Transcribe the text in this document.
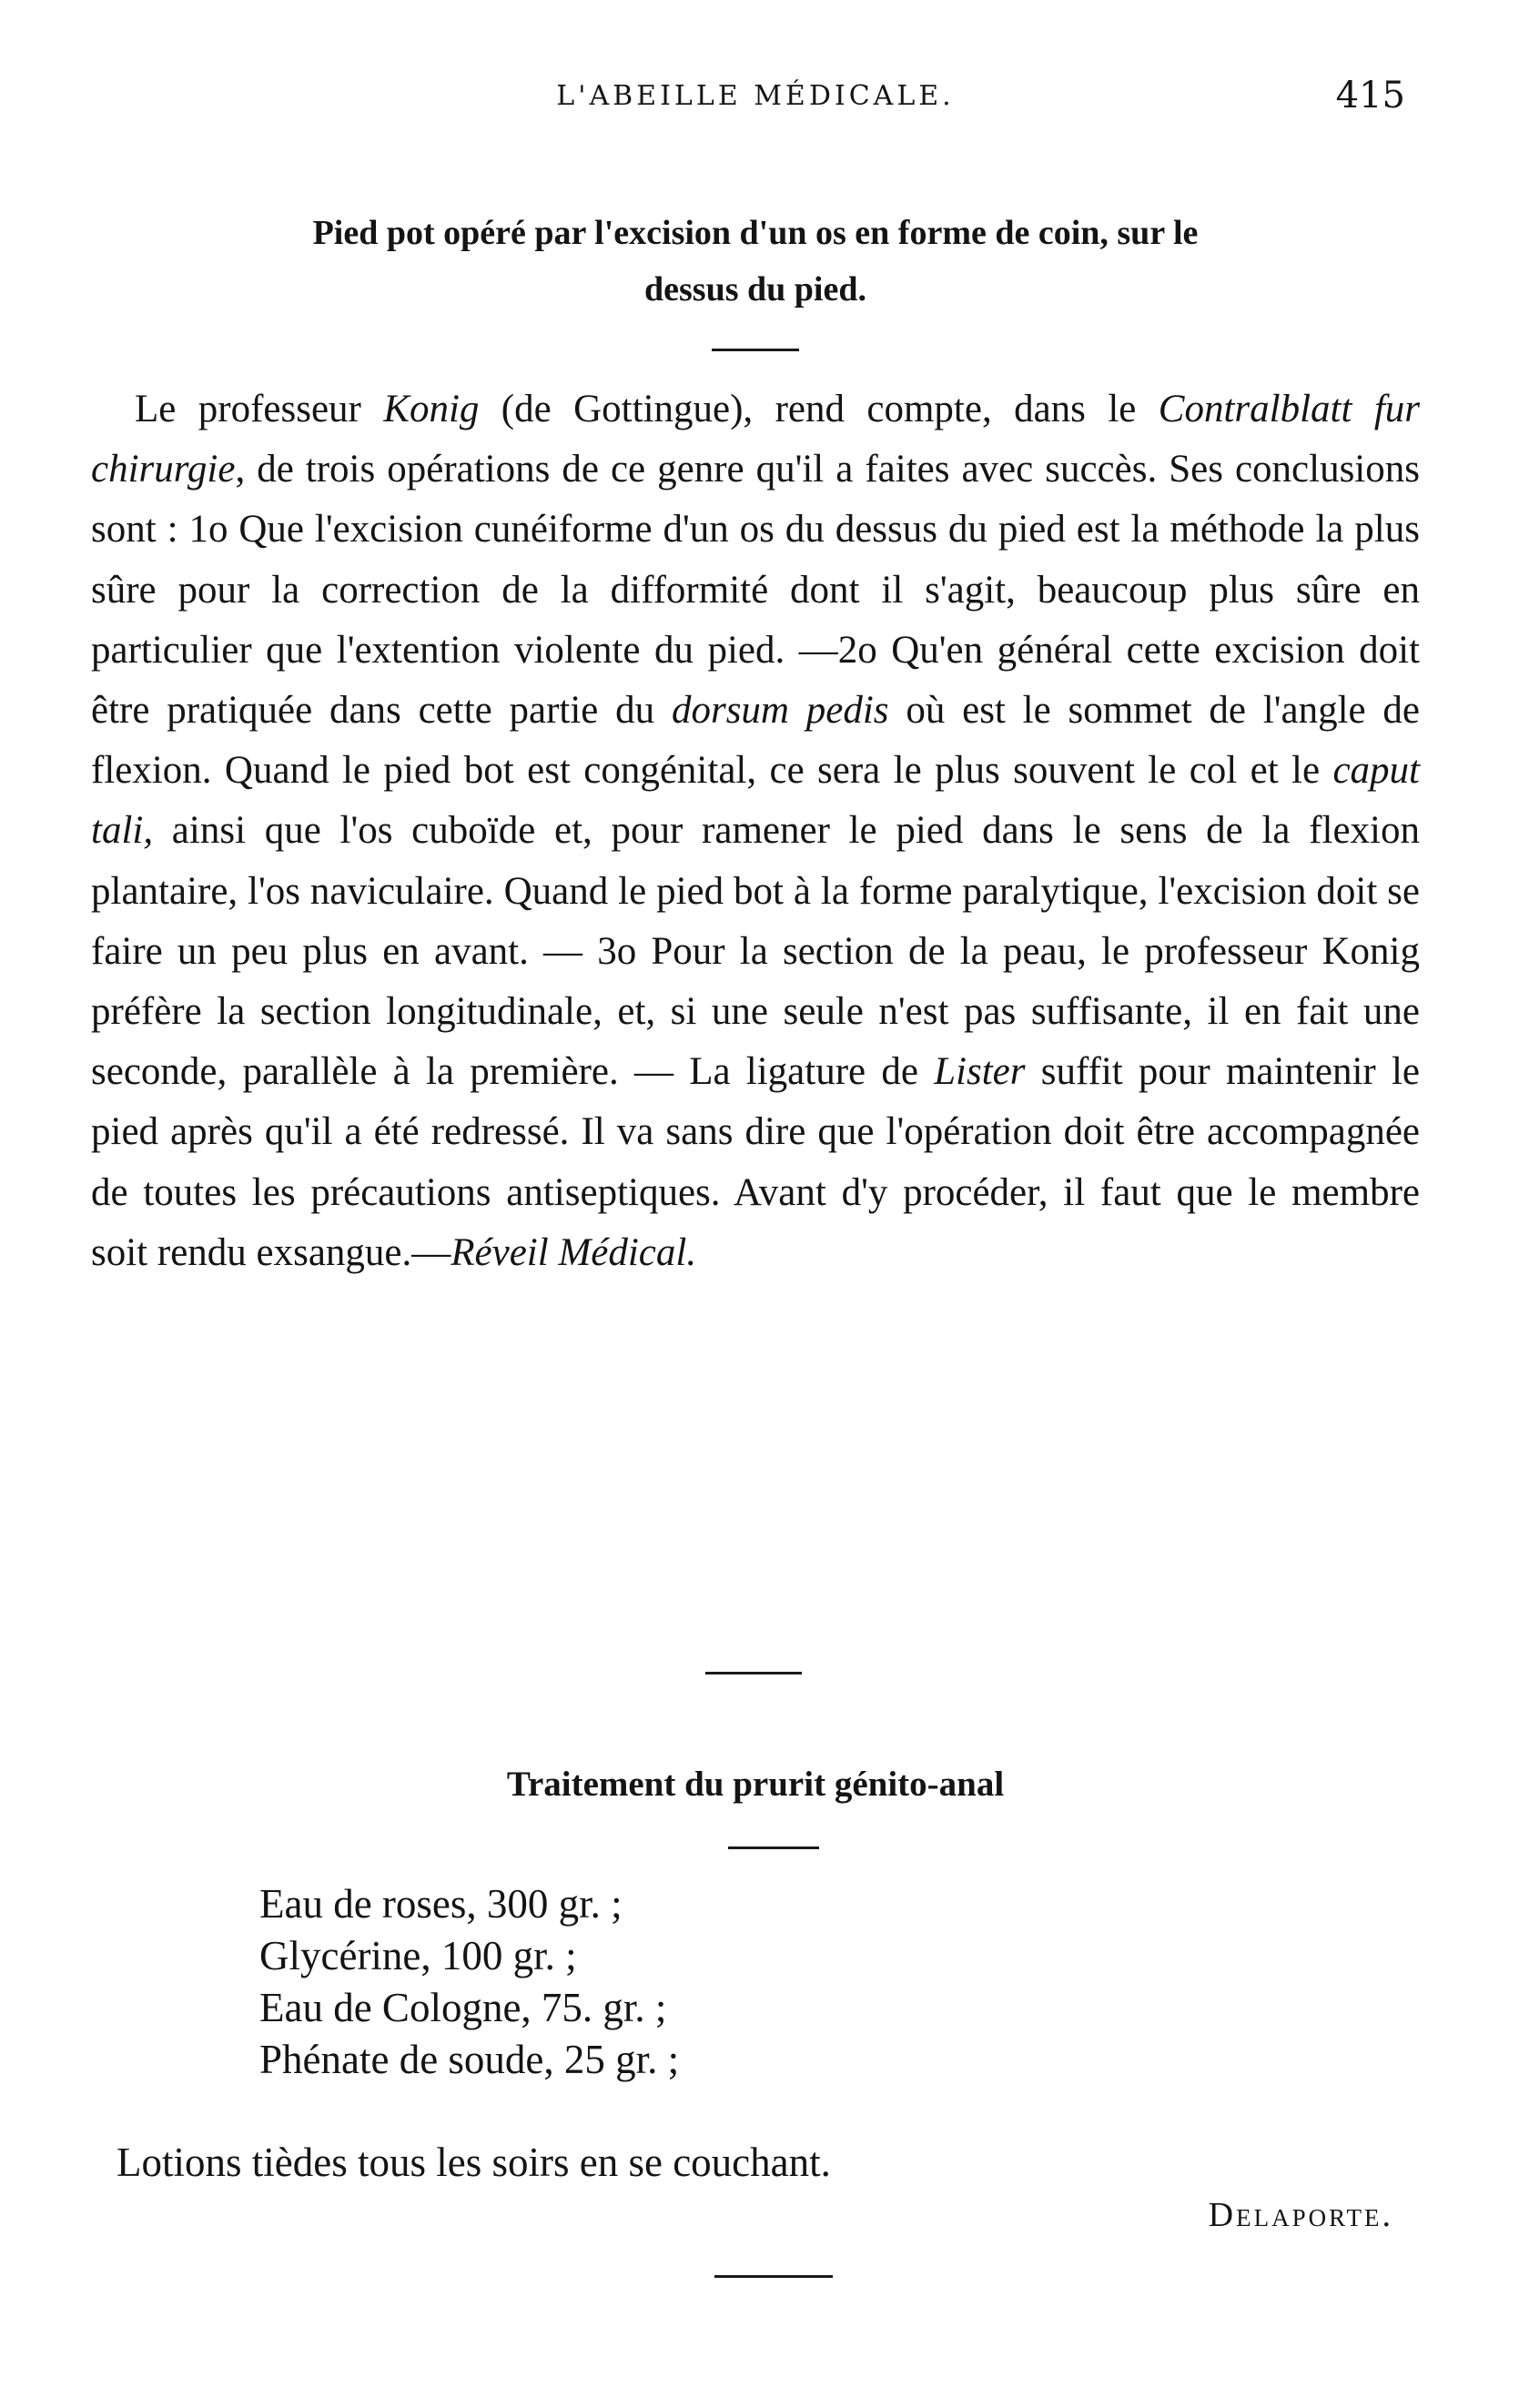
L'ABEILLE MÉDICALE.	415
Pied pot opéré par l'excision d'un os en forme de coin, sur le
dessus du pied.

Le professeur Konig (de Gottingue), rend compte, dans le Contralblatt fur chirurgie, de trois opérations de ce genre qu'il a faites avec succès. Ses conclusions sont : 1o Que l'excision cunéiforme d'un os du dessus du pied est la méthode la plus sûre pour la correction de la difformité dont il s'agit, beaucoup plus sûre en particulier que l'extention violente du pied. —2o Qu'en général cette excision doit être pratiquée dans cette partie du dorsum pedis où est le sommet de l'angle de flexion. Quand le pied bot est congénital, ce sera le plus souvent le col et le caput tali, ainsi que l'os cuboïde et, pour ramener le pied dans le sens de la flexion plantaire, l'os naviculaire. Quand le pied bot à la forme paralytique, l'excision doit se faire un peu plus en avant. — 3o Pour la section de la peau, le professeur Konig préfère la section longitudinale, et, si une seule n'est pas suffisante, il en fait une seconde, parallèle à la première. — La ligature de Lister suffit pour maintenir le pied après qu'il a été redressé. Il va sans dire que l'opération doit être accompagnée de toutes les précautions antiseptiques. Avant d'y procéder, il faut que le membre soit rendu exsangue.—Réveil Médical.

Traitement du prurit génito-anal
Eau de roses, 300 gr. ;
Glycérine, 100 gr. ;
Eau de Cologne, 75. gr. ;
Phénate de soude, 25 gr. ;
Lotions tièdes tous les soirs en se couchant.
Delaporte.
